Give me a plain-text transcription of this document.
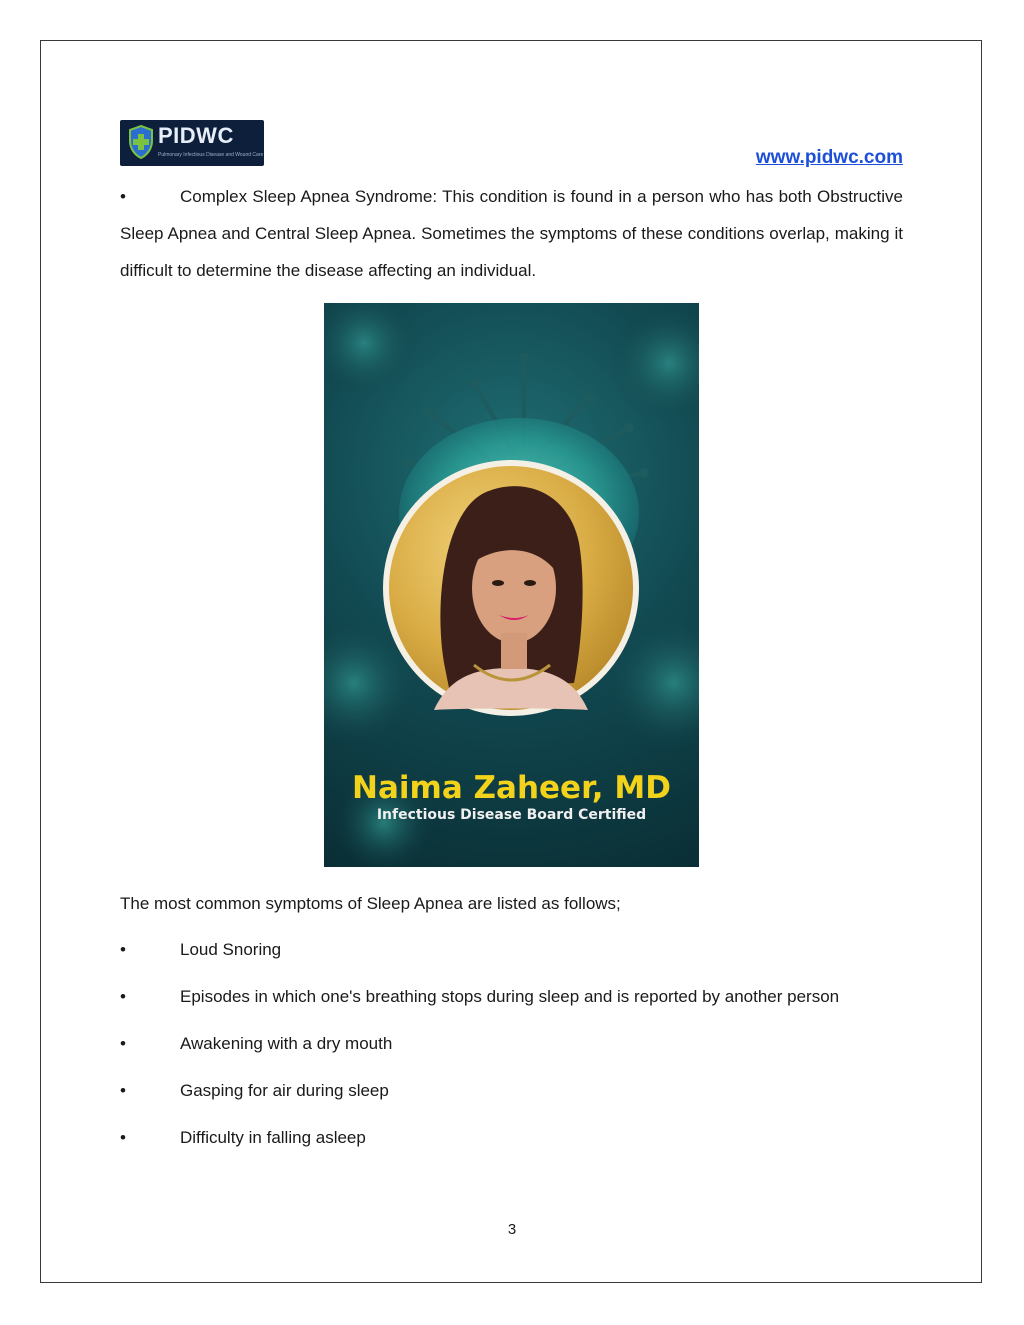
PIDWC
Pulmonary Infectious Disease and Wound Care	www.pidwc.com
•	Complex Sleep Apnea Syndrome: This condition is found in a person who has both Obstructive Sleep Apnea and Central Sleep Apnea. Sometimes the symptoms of these conditions overlap, making it difficult to determine the disease affecting an individual.
Naima Zaheer, MD
Infectious Disease Board Certified
The most common symptoms of Sleep Apnea are listed as follows;
•	Loud Snoring
•	Episodes in which one's breathing stops during sleep and is reported by another person
•	Awakening with a dry mouth
•	Gasping for air during sleep
•	Difficulty in falling asleep
3
